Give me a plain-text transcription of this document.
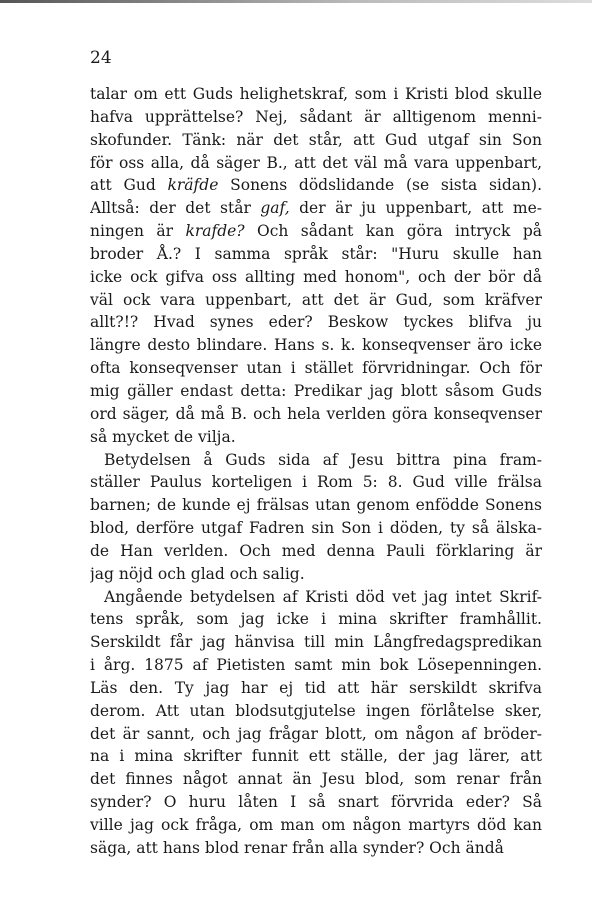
24
talar om ett Guds helighetskraf, som i Kristi blod skulle
hafva upprättelse? Nej, sådant är alltigenom menni-
skofunder. Tänk: när det står, att Gud utgaf sin Son
för oss alla, då säger B., att det väl må vara uppenbart,
att Gud kräfde Sonens dödslidande (se sista sidan).
Alltså: der det står gaf, der är ju uppenbart, att me-
ningen är krafde? Och sådant kan göra intryck på
broder Å.? I samma språk står: "Huru skulle han
icke ock gifva oss allting med honom", och der bör då
väl ock vara uppenbart, att det är Gud, som kräfver
allt?!? Hvad synes eder? Beskow tyckes blifva ju
längre desto blindare. Hans s. k. konseqvenser äro icke
ofta konseqvenser utan i stället förvridningar. Och för
mig gäller endast detta: Predikar jag blott såsom Guds
ord säger, då må B. och hela verlden göra konseqvenser
så mycket de vilja.
Betydelsen å Guds sida af Jesu bittra pina fram-
ställer Paulus korteligen i Rom 5: 8. Gud ville frälsa
barnen; de kunde ej frälsas utan genom enfödde Sonens
blod, derföre utgaf Fadren sin Son i döden, ty så älska-
de Han verlden. Och med denna Pauli förklaring är
jag nöjd och glad och salig.
Angående betydelsen af Kristi död vet jag intet Skrif-
tens språk, som jag icke i mina skrifter framhållit.
Serskildt får jag hänvisa till min Långfredagspredikan
i årg. 1875 af Pietisten samt min bok Lösepenningen.
Läs den. Ty jag har ej tid att här serskildt skrifva
derom. Att utan blodsutgjutelse ingen förlåtelse sker,
det är sannt, och jag frågar blott, om någon af bröder-
na i mina skrifter funnit ett ställe, der jag lärer, att
det finnes något annat än Jesu blod, som renar från
synder? O huru låten I så snart förvrida eder? Så
ville jag ock fråga, om man om någon martyrs död kan
säga, att hans blod renar från alla synder? Och ändå
